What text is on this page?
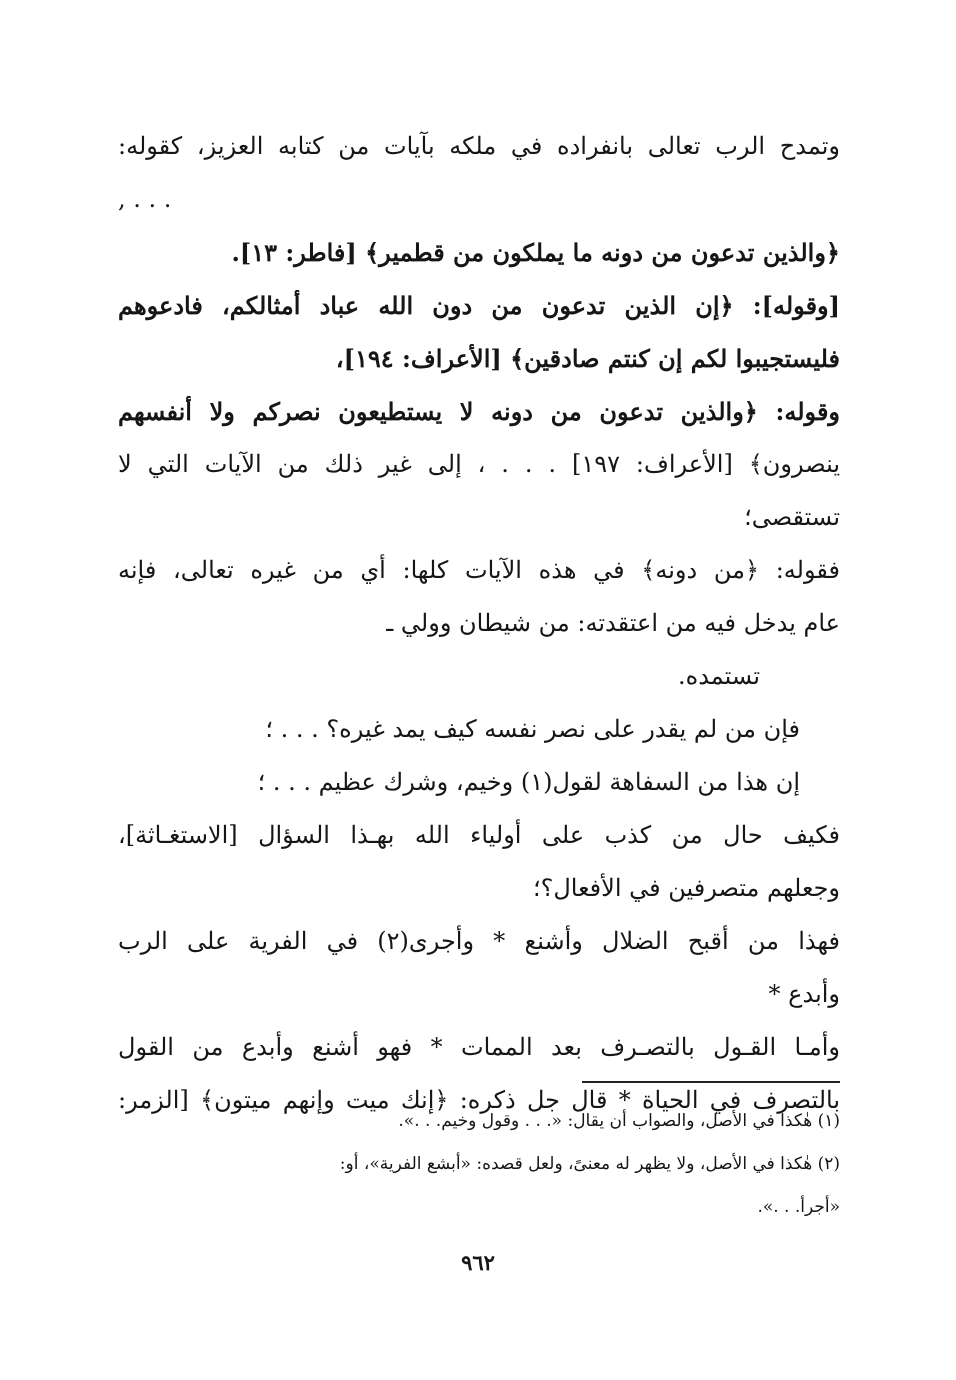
وتمدح الرب تعالى بانفراده في ملكه بآيات من كتابه العزيز، كقوله:
. . . ,
﴿والذين تدعون من دونه ما يملكون من قطمير﴾ [فاطر: ١٣].
[وقوله]: ﴿إن الذين تدعون من دون الله عباد أمثالكم، فادعوهم
فليستجيبوا لكم إن كنتم صادقين﴾ [الأعراف: ١٩٤]،
وقوله: ﴿والذين تدعون من دونه لا يستطيعون نصركم ولا أنفسهم
ينصرون﴾ [الأعراف: ١٩٧] . . . ، إلى غير ذلك من الآيات التي لا
تستقصى؛
فقوله: ﴿من دونه﴾ في هذه الآيات كلها: أي من غيره تعالى، فإنه
عام يدخل فيه من اعتقدته: من شيطان وولي ـ
تستمده.
فإن من لم يقدر على نصر نفسه كيف يمد غيره؟ . . . ؛
إن هذا من السفاهة لقول(١) وخيم، وشرك عظيم . . . ؛
فكيف حال من كذب على أولياء الله بهـذا السؤال [الاستغـاثة]،
وجعلهم متصرفين في الأفعال؟؛
فهذا من أقبح الضلال وأشنع * وأجرى(٢) في الفرية على الرب
وأبدع *
وأمـا القـول بالتصـرف بعد الممات * فهو أشنع وأبدع من القول
بالتصرف في الحياة * قال جل ذكره: ﴿إنك ميت وإنهم ميتون﴾ [الزمر:
(١) هٰكذا في الأصل، والصواب أن يقال: «. . . وقول وخيم. . .».
(٢) هٰكذا في الأصل، ولا يظهر له معنىً، ولعل قصده: «أبشع الفرية»، أو:
«أجرأ. . .».
٩٦٢
